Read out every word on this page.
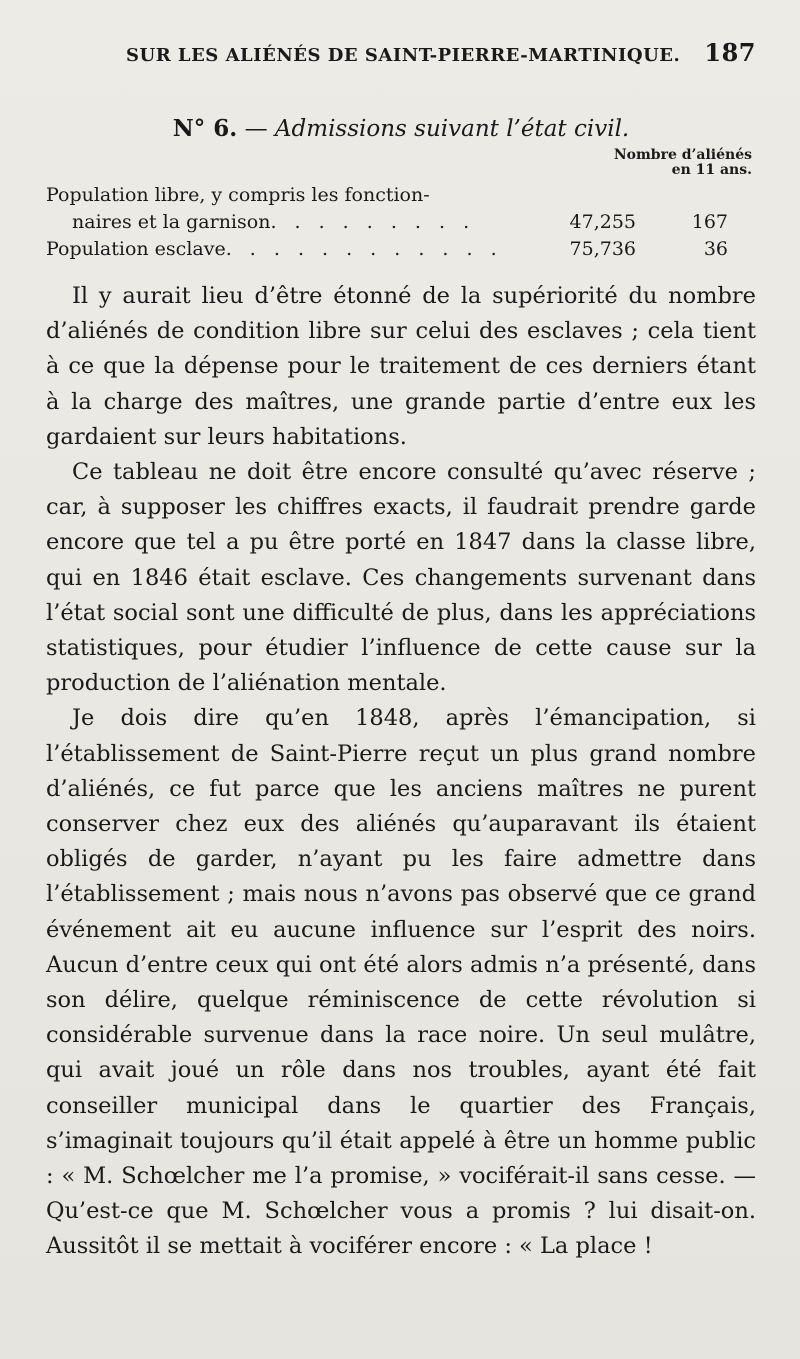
SUR LES ALIÉNÉS DE SAINT-PIERRE-MARTINIQUE. 187
N° 6. — Admissions suivant l’état civil.
Nombre d’aliénés
en 11 ans.
Population libre, y compris les fonction-
naires et la garnison. . . . . . . . .	47,255	167
Population esclave. . . . . . . . . . . .	75,736	36

Il y aurait lieu d’être étonné de la supériorité du nombre d’aliénés de condition libre sur celui des esclaves ; cela tient à ce que la dépense pour le traitement de ces derniers étant à la charge des maîtres, une grande partie d’entre eux les gardaient sur leurs habitations.

Ce tableau ne doit être encore consulté qu’avec réserve ; car, à supposer les chiffres exacts, il faudrait prendre garde encore que tel a pu être porté en 1847 dans la classe libre, qui en 1846 était esclave. Ces changements survenant dans l’état social sont une difficulté de plus, dans les appréciations statistiques, pour étudier l’influence de cette cause sur la production de l’aliénation mentale.

Je dois dire qu’en 1848, après l’émancipation, si l’établissement de Saint-Pierre reçut un plus grand nombre d’aliénés, ce fut parce que les anciens maîtres ne purent conserver chez eux des aliénés qu’auparavant ils étaient obligés de garder, n’ayant pu les faire admettre dans l’établissement ; mais nous n’avons pas observé que ce grand événement ait eu aucune influence sur l’esprit des noirs. Aucun d’entre ceux qui ont été alors admis n’a présenté, dans son délire, quelque réminiscence de cette révolution si considérable survenue dans la race noire. Un seul mulâtre, qui avait joué un rôle dans nos troubles, ayant été fait conseiller municipal dans le quartier des Français, s’imaginait toujours qu’il était appelé à être un homme public : « M. Schœlcher me l’a promise, » vociférait-il sans cesse. — Qu’est-ce que M. Schœlcher vous a promis ? lui disait-on. Aussitôt il se mettait à vociférer encore : « La place !
